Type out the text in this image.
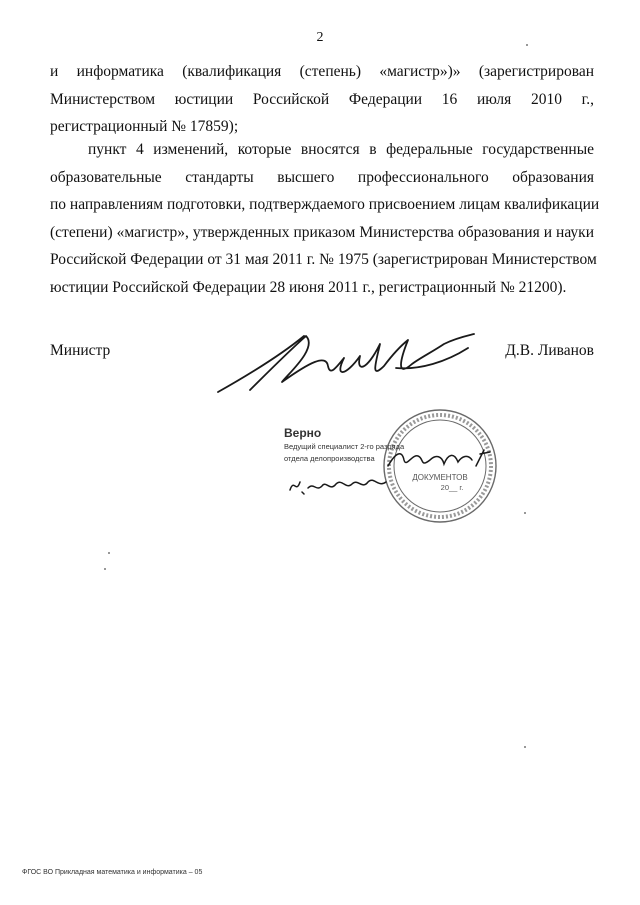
2
и информатика (квалификация (степень) «магистр»)» (зарегистрирован
Министерством юстиции Российской Федерации 16 июля 2010 г.,
регистрационный № 17859);
пункт 4 изменений, которые вносятся в федеральные государственные
образовательные стандарты высшего профессионального образования
по направлениям подготовки, подтверждаемого присвоением лицам квалификации
(степени) «магистр», утвержденных приказом Министерства образования и науки
Российской Федерации от 31 мая 2011 г. № 1975 (зарегистрирован Министерством
юстиции Российской Федерации 28 июня 2011 г., регистрационный № 21200).
Министр	Д.В. Ливанов
ДОКУМЕНТОВ
20__ г.
Верно
Ведущий специалист 2-го разряда
отдела делопроизводства
ФГОС ВО Прикладная математика и информатика – 05
